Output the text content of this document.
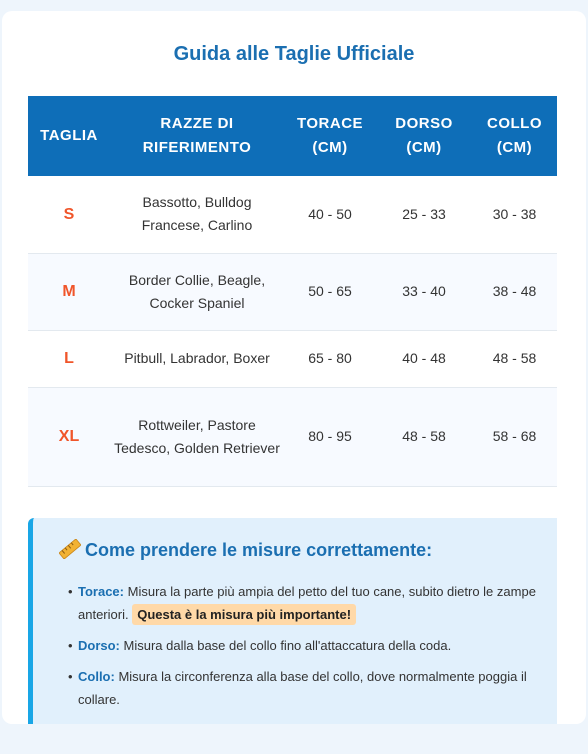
Guida alle Taglie Ufficiale
TAGLIA	RAZZE DI RIFERIMENTO	TORACE (CM)	DORSO (CM)	COLLO (CM)
S	Bassotto, Bulldog Francese, Carlino	40 - 50	25 - 33	30 - 38
M	Border Collie, Beagle, Cocker Spaniel	50 - 65	33 - 40	38 - 48
L	Pitbull, Labrador, Boxer	65 - 80	40 - 48	48 - 58
XL	Rottweiler, Pastore Tedesco, Golden Retriever	80 - 95	48 - 58	58 - 68
Come prendere le misure correttamente:
• Torace: Misura la parte più ampia del petto del tuo cane, subito dietro le zampe anteriori. Questa è la misura più importante!
• Dorso: Misura dalla base del collo fino all'attaccatura della coda.
• Collo: Misura la circonferenza alla base del collo, dove normalmente poggia il collare.
